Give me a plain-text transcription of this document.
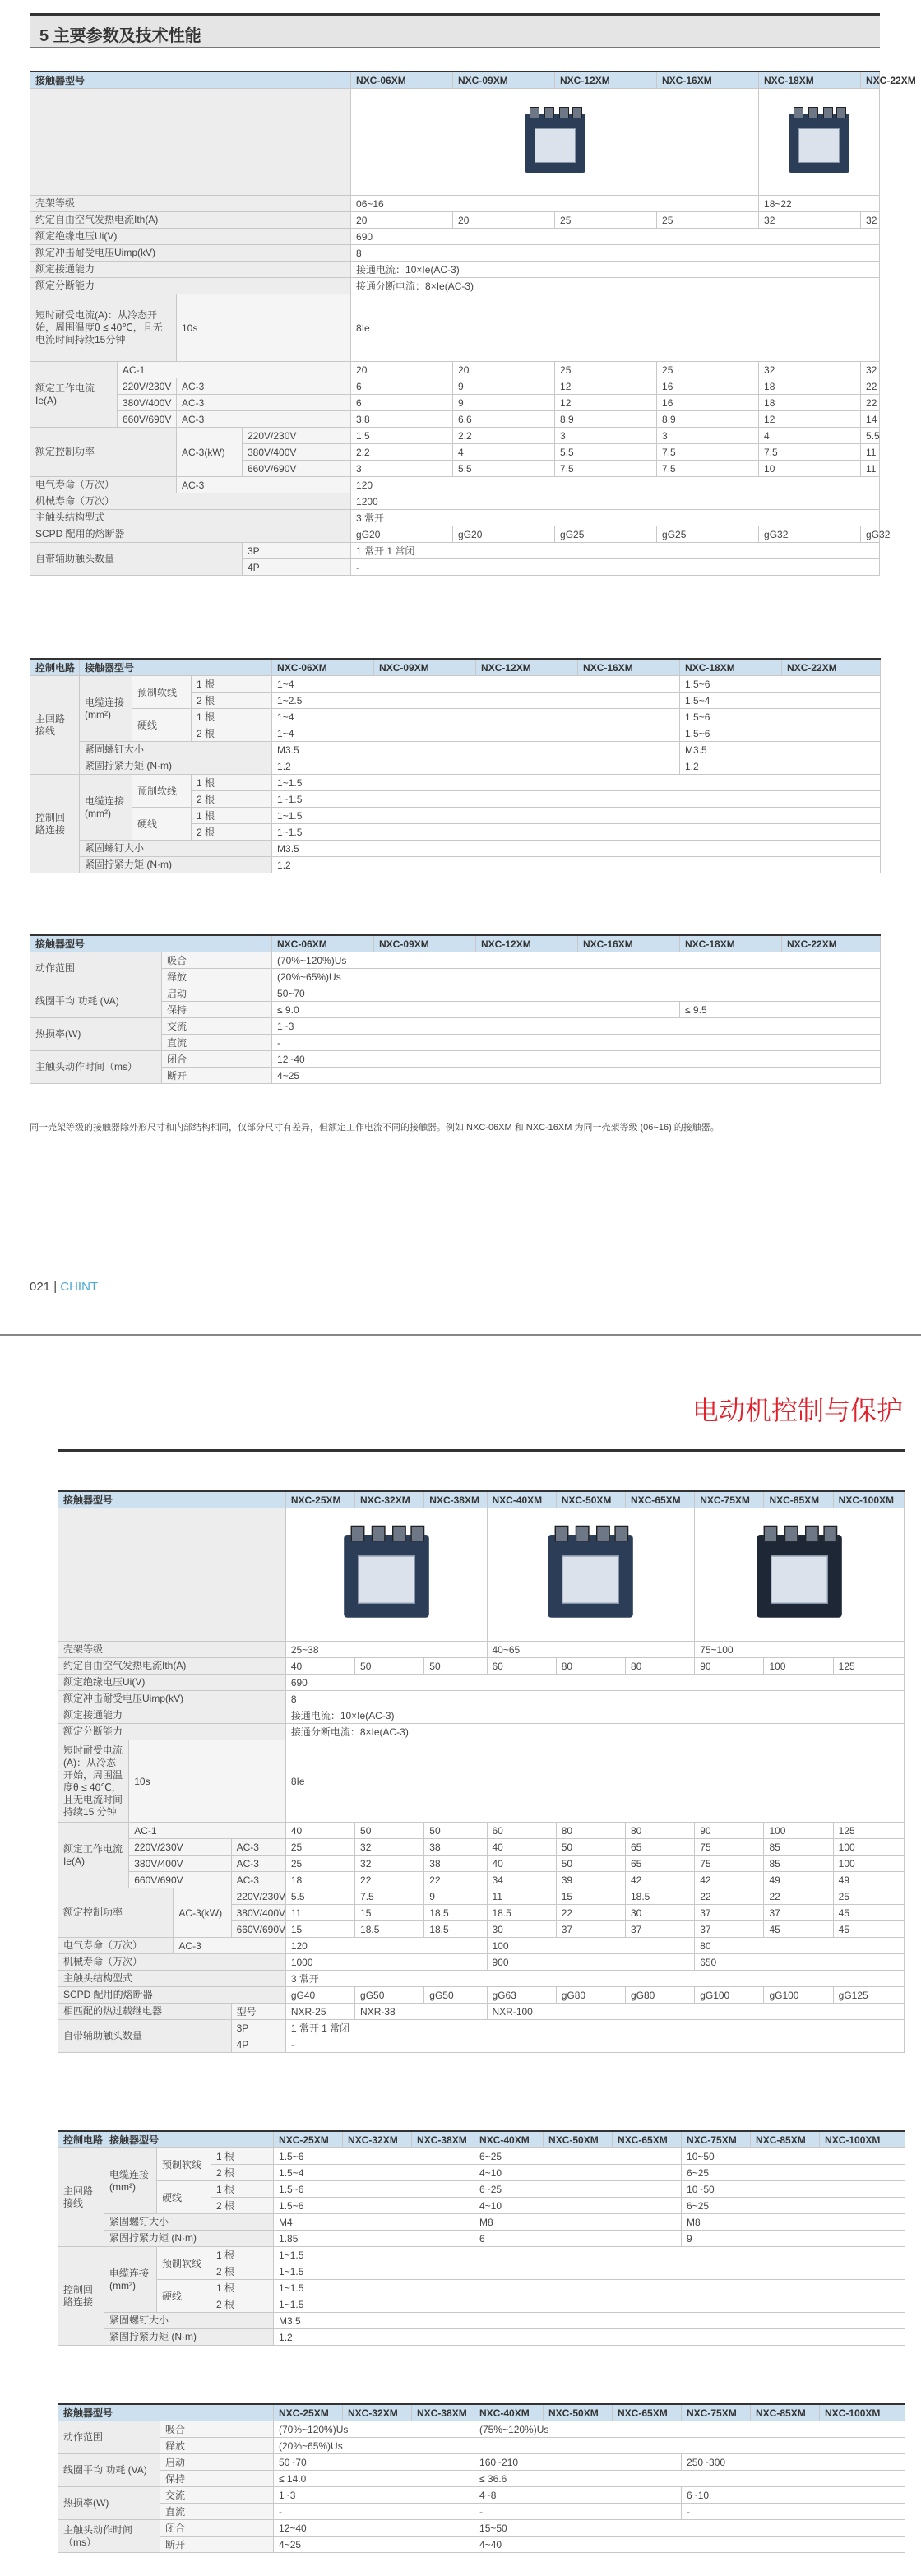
5 主要参数及技术性能
接触器型号				NXC-06XM	NXC-09XM	NXC-12XM	NXC-16XM	NXC-18XM	NXC-22XM

壳架等级				06~16				18~22	
约定自由空气发热电流Ith(A)				20	20	25	25	32	32
额定绝缘电压Ui(V)				690					
额定冲击耐受电压Uimp(kV)				8					
额定接通能力				接通电流：10×Ie(AC-3)					
额定分断能力				接通分断电流：8×Ie(AC-3)					
短时耐受电流(A)：从冷态开始，周围温度θ ≤ 40℃，且无电流时间持续15分钟		10s		8Ie					
额定工作电流Ie(A)	AC-1			20	20	25	25	32	32
	220V/230V	AC-3		6	9	12	16	18	22
	380V/400V	AC-3		6	9	12	16	18	22
	660V/690V	AC-3		3.8	6.6	8.9	8.9	12	14
额定控制功率		AC-3(kW)	220V/230V	1.5	2.2	3	3	4	5.5
			380V/400V	2.2	4	5.5	7.5	7.5	11
			660V/690V	3	5.5	7.5	7.5	10	11
电气寿命（万次）		AC-3		120					
机械寿命（万次）				1200					
主触头结构型式				3 常开					
SCPD 配用的熔断器				gG20	gG20	gG25	gG25	gG32	gG32
自带辅助触头数量			3P	1 常开 1 常闭					
			4P	-					
控制电路	接触器型号			NXC-06XM	NXC-09XM	NXC-12XM	NXC-16XM	NXC-18XM	NXC-22XM
主回路接线	电缆连接(mm²)	预制软线	1 根	1~4				1.5~6	
			2 根	1~2.5				1.5~4	
		硬线	1 根	1~4				1.5~6	
			2 根	1~4				1.5~6	
	紧固螺钉大小			M3.5				M3.5	
	紧固拧紧力矩 (N·m)			1.2				1.2	
控制回路连接	电缆连接(mm²)	预制软线	1 根	1~1.5					
			2 根	1~1.5					
		硬线	1 根	1~1.5					
			2 根	1~1.5					
	紧固螺钉大小			M3.5					
	紧固拧紧力矩 (N·m)			1.2					
接触器型号		NXC-06XM	NXC-09XM	NXC-12XM	NXC-16XM	NXC-18XM	NXC-22XM
动作范围	吸合	(70%~120%)Us					
	释放	(20%~65%)Us					
线圈平均 功耗 (VA)	启动	50~70					
	保持	≤ 9.0				≤ 9.5	
热损率(W)	交流	1~3					
	直流	-					
主触头动作时间（ms）	闭合	12~40					
	断开	4~25					
同一壳架等级的接触器除外形尺寸和内部结构相同，仅部分尺寸有差异，但额定工作电流不同的接触器。例如 NXC-06XM 和 NXC-16XM 为同一壳架等级 (06~16) 的接触器。
021 | CHINT
电动机控制与保护
接触器型号				NXC-25XM	NXC-32XM	NXC-38XM	NXC-40XM	NXC-50XM	NXC-65XM	NXC-75XM	NXC-85XM	NXC-100XM

壳架等级				25~38			40~65			75~100		
约定自由空气发热电流Ith(A)				40	50	50	60	80	80	90	100	125
额定绝缘电压Ui(V)				690								
额定冲击耐受电压Uimp(kV)				8								
额定接通能力				接通电流：10×Ie(AC-3)								
额定分断能力				接通分断电流：8×Ie(AC-3)								
短时耐受电流(A)：从冷态开始，周围温度θ ≤ 40℃，且无电流时间持续15 分钟	10s			8Ie								
额定工作电流Ie(A)	AC-1			40	50	50	60	80	80	90	100	125
	220V/230V		AC-3	25	32	38	40	50	65	75	85	100
	380V/400V		AC-3	25	32	38	40	50	65	75	85	100
	660V/690V		AC-3	18	22	22	34	39	42	42	49	49
额定控制功率		AC-3(kW)	220V/230V	5.5	7.5	9	11	15	18.5	22	22	25
			380V/400V	11	15	18.5	18.5	22	30	37	37	45
			660V/690V	15	18.5	18.5	30	37	37	37	45	45
电气寿命（万次）		AC-3		120			100			80		
机械寿命（万次）				1000			900			650		
主触头结构型式				3 常开								
SCPD 配用的熔断器				gG40	gG50	gG50	gG63	gG80	gG80	gG100	gG100	gG125
相匹配的热过载继电器			型号	NXR-25	NXR-38		NXR-100					
自带辅助触头数量			3P	1 常开 1 常闭								
			4P	-								
控制电路	接触器型号			NXC-25XM	NXC-32XM	NXC-38XM	NXC-40XM	NXC-50XM	NXC-65XM	NXC-75XM	NXC-85XM	NXC-100XM
主回路接线	电缆连接(mm²)	预制软线	1 根	1.5~6			6~25			10~50		
			2 根	1.5~4			4~10			6~25		
		硬线	1 根	1.5~6			6~25			10~50		
			2 根	1.5~6			4~10			6~25		
	紧固螺钉大小			M4			M8			M8		
	紧固拧紧力矩 (N·m)			1.85			6			9		
控制回路连接	电缆连接(mm²)	预制软线	1 根	1~1.5								
			2 根	1~1.5								
		硬线	1 根	1~1.5								
			2 根	1~1.5								
	紧固螺钉大小			M3.5								
	紧固拧紧力矩 (N·m)			1.2								
接触器型号		NXC-25XM	NXC-32XM	NXC-38XM	NXC-40XM	NXC-50XM	NXC-65XM	NXC-75XM	NXC-85XM	NXC-100XM
动作范围	吸合	(70%~120%)Us			(75%~120%)Us					
	释放	(20%~65%)Us								
线圈平均 功耗 (VA)	启动	50~70			160~210			250~300		
	保持	≤ 14.0			≤ 36.6					
热损率(W)	交流	1~3			4~8			6~10		
	直流	-			-			-		
主触头动作时间（ms）	闭合	12~40			15~50					
	断开	4~25			4~40					
